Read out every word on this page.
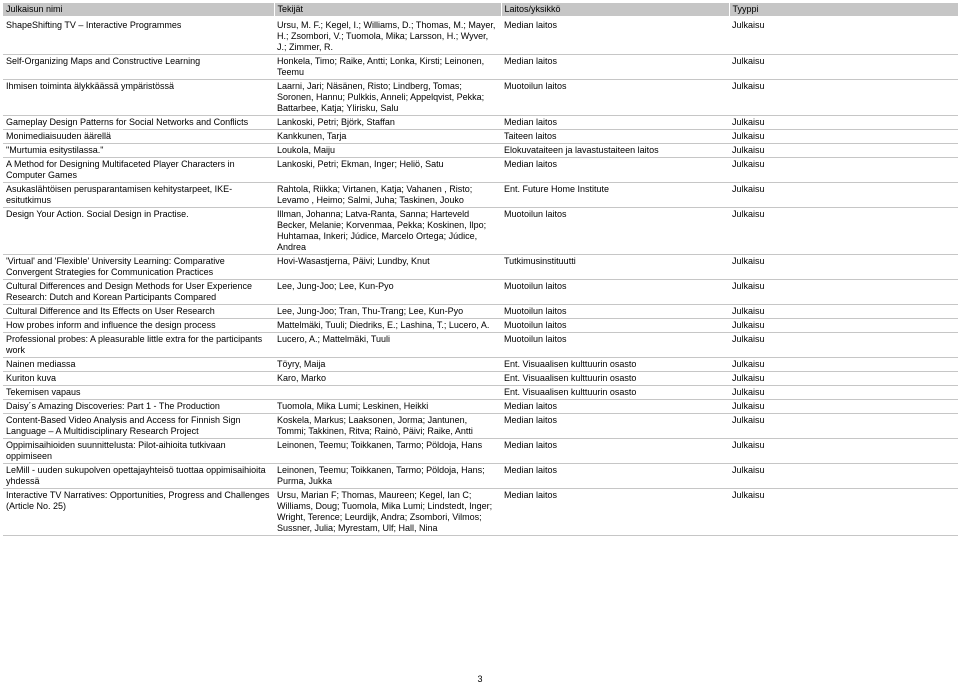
Julkaisun nimi	Tekijät	Laitos/yksikkö	Tyyppi

ShapeShifting TV – Interactive Programmes	Ursu, M. F.; Kegel, I.; Williams, D.; Thomas, M.; Mayer, H.; Zsombori, V.; Tuomola, Mika; Larsson, H.; Wyver, J.; Zimmer, R.	Median laitos	Julkaisu
Self-Organizing Maps and Constructive Learning	Honkela, Timo; Raike, Antti; Lonka, Kirsti; Leinonen, Teemu	Median laitos	Julkaisu
Ihmisen toiminta älykkäässä ympäristössä	Laarni, Jari; Näsänen, Risto; Lindberg, Tomas; Soronen, Hannu; Pulkkis, Anneli; Appelqvist, Pekka; Battarbee, Katja; Ylirisku, Salu	Muotoilun laitos	Julkaisu
Gameplay Design Patterns for Social Networks and Conflicts	Lankoski, Petri; Björk, Staffan	Median laitos	Julkaisu
Monimediaisuuden äärellä	Kankkunen, Tarja	Taiteen laitos	Julkaisu
"Murtumia esitystilassa."	Loukola, Maiju	Elokuvataiteen ja lavastustaiteen laitos	Julkaisu
A Method for Designing Multifaceted Player Characters in Computer Games	Lankoski, Petri; Ekman, Inger; Heliö, Satu	Median laitos	Julkaisu
Asukaslähtöisen perusparantamisen kehitystarpeet, IKE-esitutkimus	Rahtola, Riikka; Virtanen, Katja; Vahanen , Risto; Levamo , Heimo; Salmi, Juha; Taskinen, Jouko	Ent. Future Home Institute	Julkaisu
Design Your Action. Social Design in Practise.	Illman, Johanna; Latva-Ranta, Sanna; Harteveld Becker, Melanie; Korvenmaa, Pekka; Koskinen, Ilpo; Huhtamaa, Inkeri; Júdice, Marcelo Ortega; Júdice, Andrea	Muotoilun laitos	Julkaisu
'Virtual' and 'Flexible' University Learning: Comparative Convergent Strategies for Communication Practices	Hovi-Wasastjerna, Päivi; Lundby, Knut	Tutkimusinstituutti	Julkaisu
Cultural Differences and Design Methods for User Experience Research: Dutch and Korean Participants Compared	Lee, Jung-Joo; Lee, Kun-Pyo	Muotoilun laitos	Julkaisu
Cultural Difference and Its Effects on User Research	Lee, Jung-Joo; Tran, Thu-Trang; Lee, Kun-Pyo	Muotoilun laitos	Julkaisu
How probes inform and influence the design process	Mattelmäki, Tuuli; Diedriks, E.; Lashina, T.; Lucero, A.	Muotoilun laitos	Julkaisu
Professional probes: A pleasurable little extra for the participants work	Lucero, A.; Mattelmäki, Tuuli	Muotoilun laitos	Julkaisu
Nainen mediassa	Töyry, Maija	Ent. Visuaalisen kulttuurin osasto	Julkaisu
Kuriton kuva	Karo, Marko	Ent. Visuaalisen kulttuurin osasto	Julkaisu
Tekemisen vapaus		Ent. Visuaalisen kulttuurin osasto	Julkaisu
Daisy´s Amazing Discoveries: Part 1 - The Production	Tuomola, Mika Lumi; Leskinen, Heikki	Median laitos	Julkaisu
Content-Based Video Analysis and Access for Finnish Sign Language – A Multidisciplinary Research Project	Koskela, Markus; Laaksonen, Jorma; Jantunen, Tommi; Takkinen, Ritva; Rainò, Päivi; Raike, Antti	Median laitos	Julkaisu
Oppimisaihioiden suunnittelusta: Pilot-aihioita tutkivaan oppimiseen	Leinonen, Teemu; Toikkanen, Tarmo; Pöldoja, Hans	Median laitos	Julkaisu
LeMill - uuden sukupolven opettajayhteisö tuottaa oppimisaihioita yhdessä	Leinonen, Teemu; Toikkanen, Tarmo; Pöldoja, Hans; Purma, Jukka	Median laitos	Julkaisu
Interactive TV Narratives: Opportunities, Progress and Challenges (Article No. 25)	Ursu, Marian F; Thomas, Maureen; Kegel, Ian C; Williams, Doug; Tuomola, Mika Lumi; Lindstedt, Inger; Wright, Terence; Leurdijk, Andra; Zsombori, Vilmos; Sussner, Julia; Myrestam, Ulf; Hall, Nina	Median laitos	Julkaisu
3
